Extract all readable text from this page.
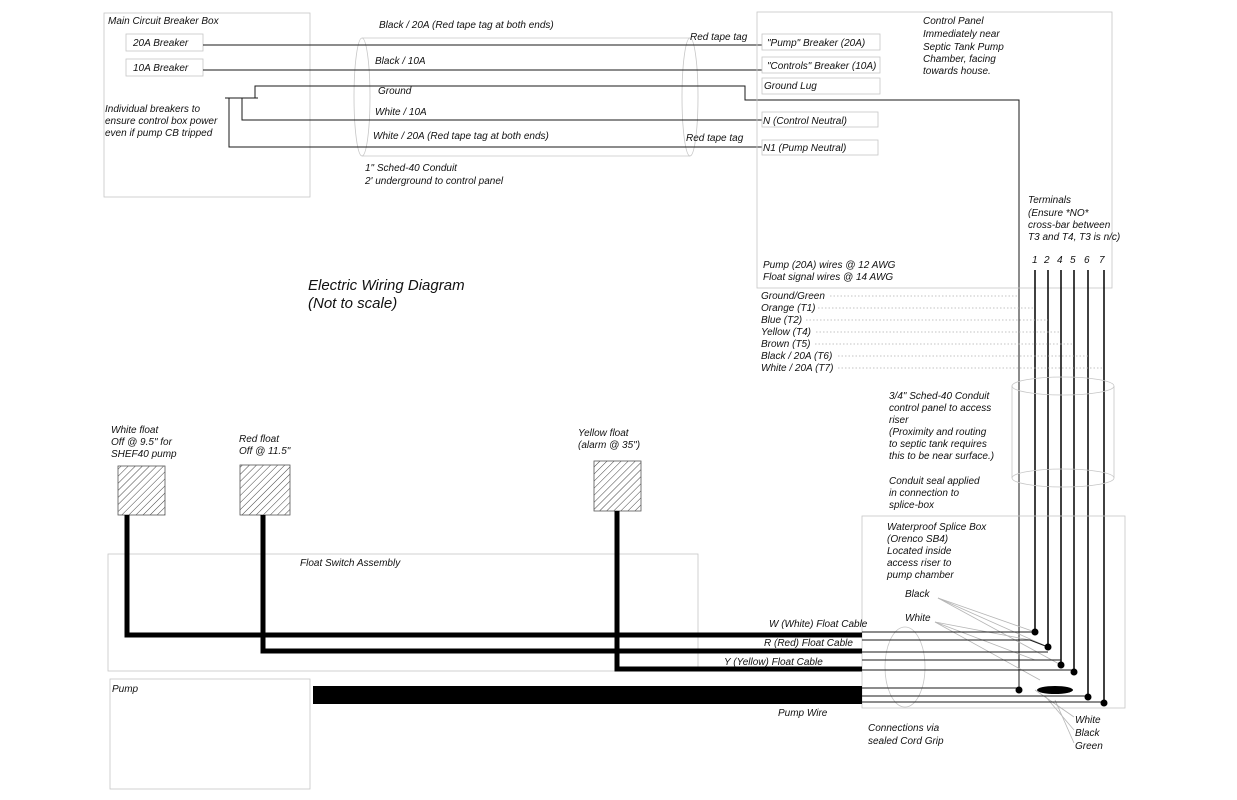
Main Circuit Breaker Box
20A Breaker
10A Breaker
Individual breakers to
ensure control box power
even if pump CB tripped
1" Sched-40 Conduit
2' underground to control panel
Black / 20A (Red tape tag at both ends)
Black / 10A
Ground
White / 10A
White / 20A (Red tape tag at both ends)
Red tape tag
Red tape tag
Control Panel
Immediately near
Septic Tank Pump
Chamber, facing
towards house.
"Pump" Breaker (20A)
"Controls" Breaker (10A)
Ground Lug
N (Control Neutral)
N1 (Pump Neutral)
Pump (20A) wires @ 12 AWG
Float signal wires @ 14 AWG
Terminals
(Ensure *NO*
cross-bar between
T3 and T4, T3 is n/c)
1 2 4 5 6 7
Ground/Green
Orange (T1)
Blue (T2)
Yellow (T4)
Brown (T5)
Black / 20A (T6)
White / 20A (T7)
Electric Wiring Diagram
(Not to scale)
3/4" Sched-40 Conduit
control panel to access
riser
(Proximity and routing
to septic tank requires
this to be near surface.)
Conduit seal applied
in connection to
splice-box
Waterproof Splice Box
(Orenco SB4)
Located inside
access riser to
pump chamber
Black
White
Connections via
sealed Cord Grip
White
Black
Green
Float Switch Assembly
White float
Off @ 9.5" for
SHEF40 pump
Red float
Off @ 11.5"
Yellow float
(alarm @ 35")
W (White) Float Cable
R (Red) Float Cable
Y (Yellow) Float Cable
Pump
Pump Wire
